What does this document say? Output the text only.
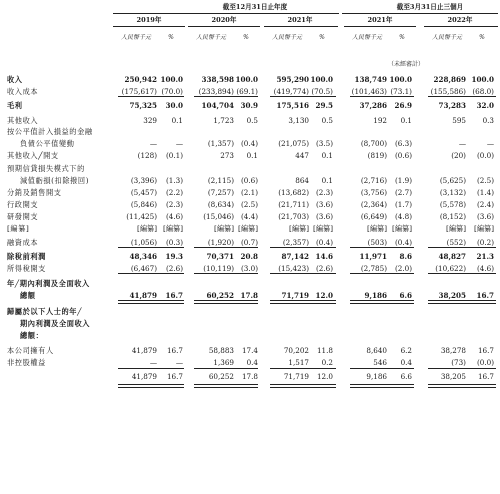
截至12月31日止年度	截至3月31日止三個月
2019年	2020年	2021年	2021年	2022年
人民幣千元	%	人民幣千元	%	人民幣千元	%	人民幣千元	%	人民幣千元	%
收入	250,942 100.0	338,598 100.0	595,290 100.0	138,749 100.0	228,869 100.0
收入成本	(175,617) (70.0)	(233,894) (69.1)	(419,774) (70.5)	(101,463) (73.1)	(155,586) (68.0)
毛利	75,325	30.0	104,704 30.9	175,516 29.5	37,286	26.9	73,283	32.0
其他收入	329	0.1	1,723	0.5	3,130	0.5	192	0.1	595	0.3
按公平值計入損益的金融
負債公平值變動	—	—	(1,357) (0.4)	(21,075) (3.5)	(8,700)	(6.3)	—	—
其他收入╱開支	(128)	(0.1)	273	0.1	447	0.1	(819)	(0.6)	(20)	(0.0)
預期信貸損失模式下的
減值虧損(扣除撥回)	(3,396)	(1.3)	(2,115) (0.6)	864	0.1	(2,716)	(1.9)	(5,625)	(2.5)
分銷及銷售開支	(5,457)	(2.2)	(7,257) (2.1)	(13,682) (2.3)	(3,756)	(2.7)	(3,132)	(1.4)
行政開支	(5,846)	(2.3)	(8,634) (2.5)	(21,711) (3.6)	(2,364)	(1.7)	(5,578)	(2.4)
研發開支	(11,425)	(4.6)	(15,046) (4.4)	(21,703) (3.6)	(6,649)	(4.8)	(8,152)	(3.6)
[編纂]	[編纂] [編纂]	[編纂] [編纂]	[編纂] [編纂]	[編纂] [編纂]	[編纂]	[編纂]
融資成本	(1,056)	(0.3)	(1,920) (0.7)	(2,357) (0.4)	(503)	(0.4)	(552)	(0.2)
除稅前利潤	48,346	19.3	70,371 20.8	87,142 14.6	11,971	8.6	48,827	21.3
所得稅開支	(6,467)	(2.6)	(10,119) (3.0)	(15,423) (2.6)	(2,785)	(2.0)	(10,622)	(4.6)
年╱期內利潤及全面收入
總額	41,879	16.7	60,252 17.8	71,719 12.0	9,186	6.6	38,205	16.7
歸屬於以下人士的年╱
期內利潤及全面收入
總額：
本公司擁有人	41,879	16.7	58,883	17.4	70,202	11.8	8,640	6.2	38,278	16.7
非控股權益	—	—	1,369	0.4	1,517	0.2	546	0.4	(73)	(0.0)
41,879	16.7	60,252	17.8	71,719	12.0	9,186	6.6	38,205	16.7
（未經審計）
